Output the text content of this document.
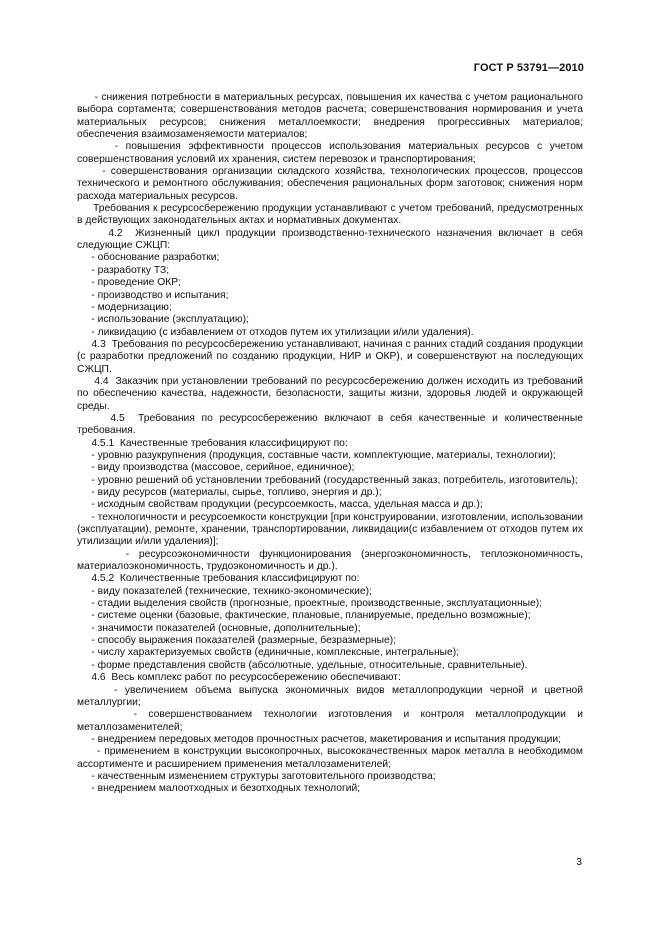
ГОСТ Р 53791—2010

- снижения потребности в материальных ресурсах, повышения их качества с учетом рационального выбора сортамента; совершенствования методов расчета; совершенствования нормирования и учета материальных ресурсов; снижения металлоемкости; внедрения прогрессивных материалов; обеспечения взаимозаменяемости материалов;

- повышения эффективности процессов использования материальных ресурсов с учетом совершенствования условий их хранения, систем перевозок и транспортирования;

- совершенствования организации складского хозяйства, технологических процессов, процессов технического и ремонтного обслуживания; обеспечения рациональных форм заготовок; снижения норм расхода материальных ресурсов.

Требования к ресурсосбережению продукции устанавливают с учетом требований, предусмотренных в действующих законодательных актах и нормативных документах.

4.2  Жизненный цикл продукции производственно-технического назначения включает в себя следующие СЖЦП:

- обоснование разработки;

- разработку ТЗ;

- проведение ОКР;

- производство и испытания;

- модернизацию;

- использование (эксплуатацию);

- ликвидацию (с избавлением от отходов путем их утилизации и/или удаления).

4.3  Требования по ресурсосбережению устанавливают, начиная с ранних стадий создания продукции (с разработки предложений по созданию продукции, НИР и ОКР), и совершенствуют на последующих СЖЦП.

4.4  Заказчик при установлении требований по ресурсосбережению должен исходить из требований по обеспечению качества, надежности, безопасности, защиты жизни, здоровья людей и окружающей среды.

4.5  Требования по ресурсосбережению включают в себя качественные и количественные требования.

4.5.1  Качественные требования классифицируют по:

- уровню разукрупнения (продукция, составные части, комплектующие, материалы, технологии);

- виду производства (массовое, серийное, единичное);

- уровню решений об установлении требований (государственный заказ, потребитель, изготовитель);

- виду ресурсов (материалы, сырье, топливо, энергия и др.);

- исходным свойствам продукции (ресурсоемкость, масса, удельная масса и др.);

- технологичности и ресурсоемкости конструкции [при конструировании, изготовлении, использовании (эксплуатации), ремонте, хранении, транспортировании, ликвидации(с избавлением от отходов путем их утилизации и/или удаления)];

- ресурсоэкономичности функционирования (энергоэкономичность, теплоэкономичность, материалоэкономичность, трудоэкономичность и др.).

4.5.2  Количественные требования классифицируют по:

- виду показателей (технические, технико-экономические);

- стадии выделения свойств (прогнозные, проектные, производственные, эксплуатационные);

- системе оценки (базовые, фактические, плановые, планируемые, предельно возможные);

- значимости показателей (основные, дополнительные);

- способу выражения показателей (размерные, безразмерные);

- числу характеризуемых свойств (единичные, комплексные, интегральные);

- форме представления свойств (абсолютные, удельные, относительные, сравнительные).

4.6  Весь комплекс работ по ресурсосбережению обеспечивают:

- увеличением объема выпуска экономичных видов металлопродукции черной и цветной металлургии;

- совершенствованием технологии изготовления и контроля металлопродукции и металлозаменителей;

- внедрением передовых методов прочностных расчетов, макетирования и испытания продукции;

- применением в конструкции высокопрочных, высококачественных марок металла в необходимом ассортименте и расширением применения металлозаменителей;

- качественным изменением структуры заготовительного производства;

- внедрением малоотходных и безотходных технологий;

3
